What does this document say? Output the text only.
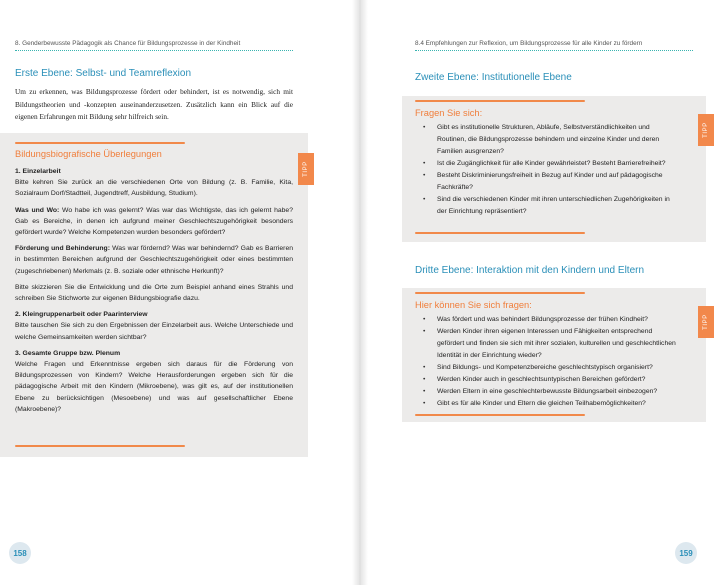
8. Genderbewusste Pädagogik als Chance für Bildungsprozesse in der Kindheit
Erste Ebene: Selbst- und Teamreflexion

Um zu erkennen, was Bildungsprozesse fördert oder behindert, ist es notwendig, sich mit Bildungstheorien und -konzepten auseinanderzusetzen. Zusätzlich kann ein Blick auf die eigenen Erfahrungen mit Bildung sehr hilfreich sein.

Bildungsbiografische Überlegungen
1. Einzelarbeit

Bitte kehren Sie zurück an die verschiedenen Orte von Bildung (z. B. Familie, Kita, Sozialraum Dorf/Stadtteil, Jugendtreff, Ausbildung, Studium).

Was und Wo: Wo habe ich was gelernt? Was war das Wichtigste, das ich gelernt habe? Gab es Bereiche, in denen ich aufgrund meiner Geschlechtszugehörigkeit besonders gefördert wurde? Welche Kompetenzen wurden besonders gefördert?

Förderung und Behinderung: Was war fördernd? Was war behindernd? Gab es Barrieren in bestimmten Bereichen aufgrund der Geschlechtszugehörigkeit oder eines bestimmten (zugeschriebenen) Merkmals (z. B. soziale oder ethnische Herkunft)?

Bitte skizzieren Sie die Entwicklung und die Orte zum Beispiel anhand eines Strahls und schreiben Sie Stichworte zur eigenen Bildungsbiografie dazu.

2. Kleingruppenarbeit oder Paarinterview

Bitte tauschen Sie sich zu den Ergebnissen der Einzelarbeit aus. Welche Unterschiede und welche Gemeinsamkeiten werden sichtbar?

3. Gesamte Gruppe bzw. Plenum

Welche Fragen und Erkenntnisse ergeben sich daraus für die Förderung von Bildungsprozessen von Kindern? Welche Herausforderungen ergeben sich für die pädagogische Arbeit mit den Kindern (Mikroebene), was gilt es, auf der institutionellen Ebene zu berücksichtigen (Mesoebene) und was auf gesellschaftlicher Ebene (Makroebene)?

TIPP
158
8.4 Empfehlungen zur Reflexion, um Bildungsprozesse für alle Kinder zu fördern
Zweite Ebene: Institutionelle Ebene
Fragen Sie sich:
• Gibt es institutionelle Strukturen, Abläufe, Selbstverständlichkeiten und Routinen, die Bildungsprozesse behindern und einzelne Kinder und deren Familien ausgrenzen?
• Ist die Zugänglichkeit für alle Kinder gewährleistet? Besteht Barrierefreiheit?
• Besteht Diskriminierungsfreiheit in Bezug auf Kinder und auf pädagogische Fachkräfte?
• Sind die verschiedenen Kinder mit ihren unterschiedlichen Zugehörigkeiten in der Einrichtung repräsentiert?
TIPP
Dritte Ebene: Interaktion mit den Kindern und Eltern
Hier können Sie sich fragen:
• Was fördert und was behindert Bildungsprozesse der frühen Kindheit?
• Werden Kinder ihren eigenen Interessen und Fähigkeiten entsprechend gefördert und finden sie sich mit ihrer sozialen, kulturellen und geschlechtlichen Identität in der Einrichtung wieder?
• Sind Bildungs- und Kompetenzbereiche geschlechtstypisch organisiert?
• Werden Kinder auch in geschlechtsuntypischen Bereichen gefördert?
• Werden Eltern in eine geschlechterbewusste Bildungsarbeit einbezogen?
• Gibt es für alle Kinder und Eltern die gleichen Teilhabemöglichkeiten?
TIPP
159
